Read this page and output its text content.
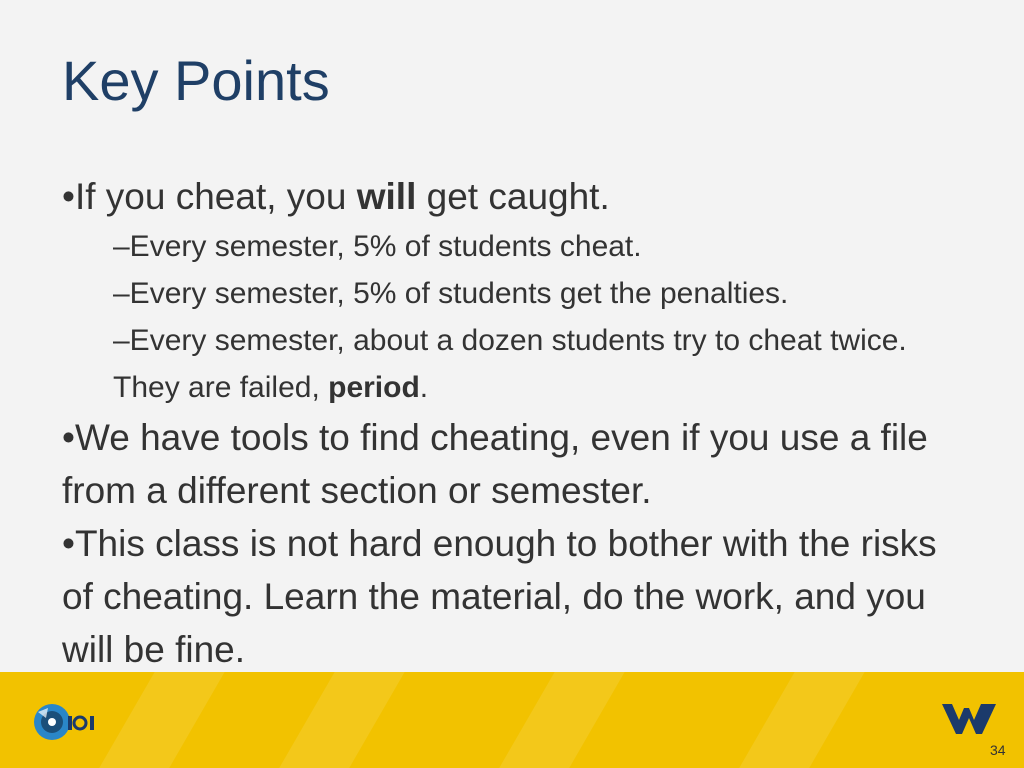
Key Points

•If you cheat, you will get caught.

–Every semester, 5% of students cheat.

–Every semester, 5% of students get the penalties.

–Every semester, about a dozen students try to cheat twice. They are failed, period.

•We have tools to find cheating, even if you use a file from a different section or semester.

•This class is not hard enough to bother with the risks of cheating. Learn the material, do the work, and you will be fine.

34
